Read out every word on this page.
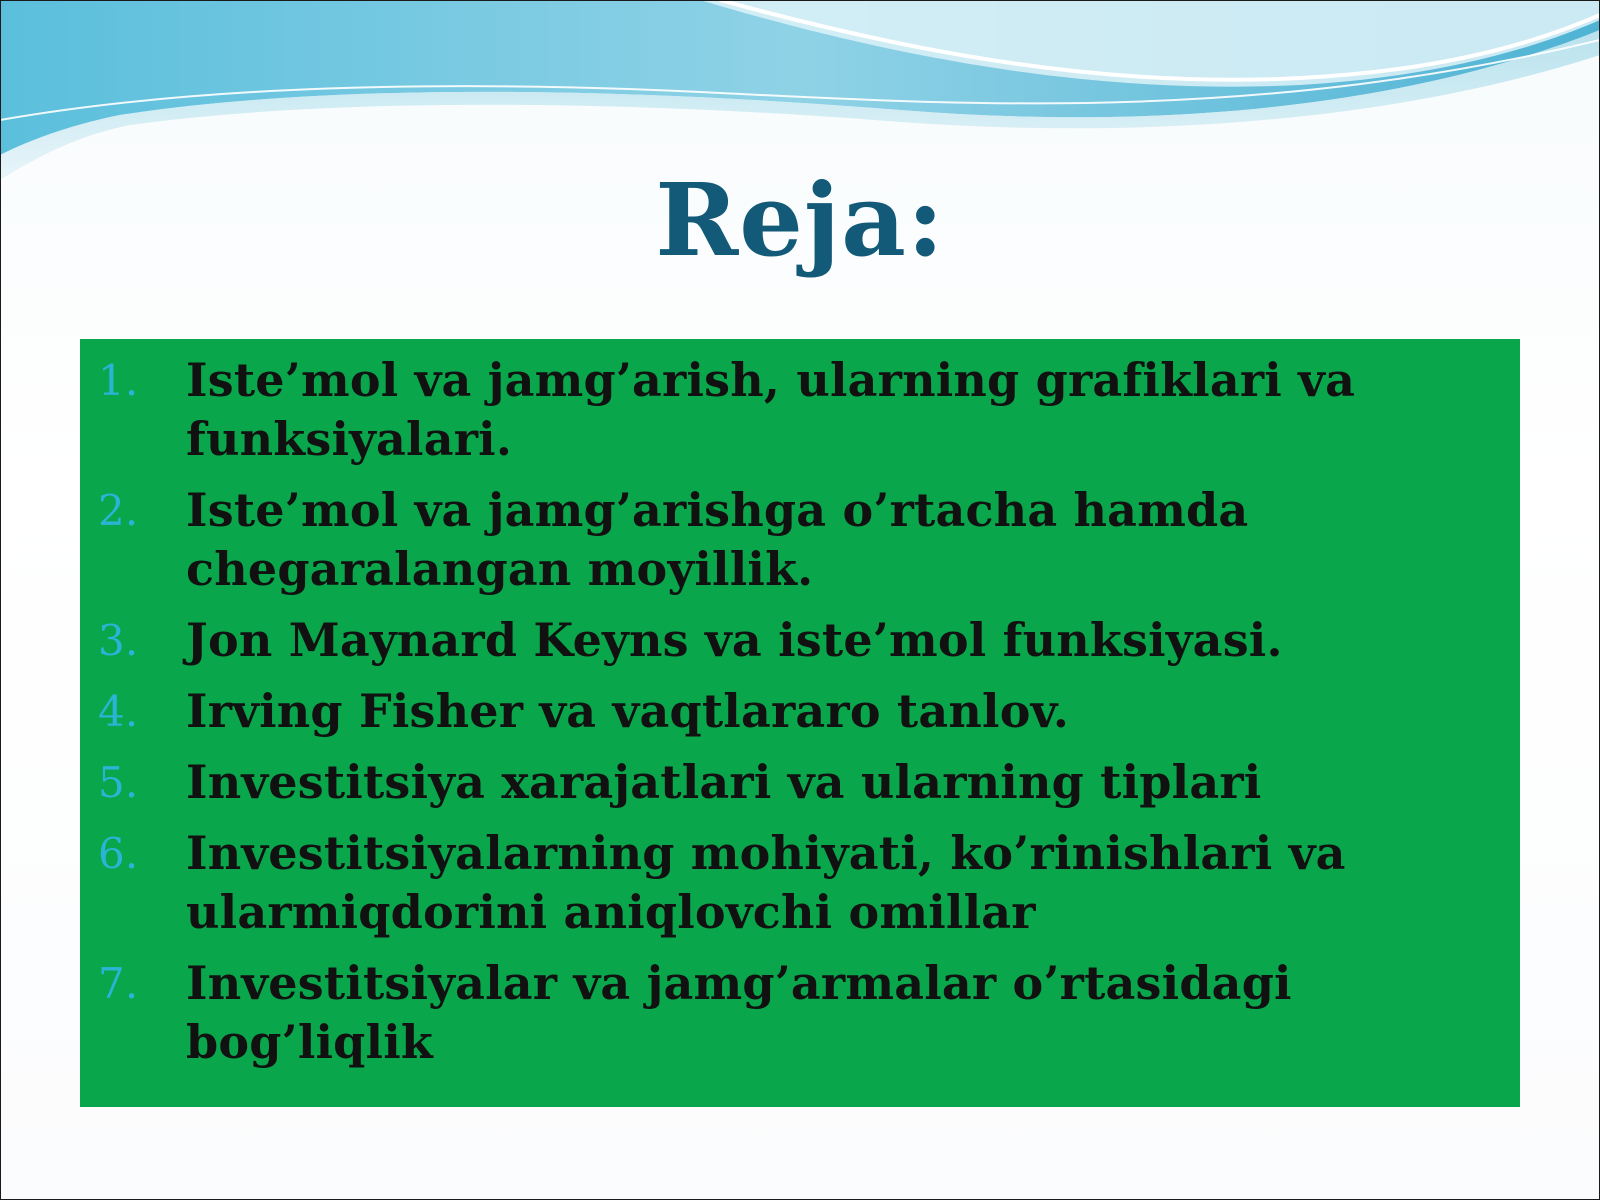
Reja:
1.	Iste’mol va jamg’arish, ularning grafiklari va funksiyalari.
2.	Iste’mol va jamg’arishga o’rtacha hamda chegaralangan moyillik.
3.	Jon Maynard Keyns va iste’mol funksiyasi.
4.	Irving Fisher va vaqtlararo tanlov.
5.	Investitsiya xarajatlari va ularning tiplari
6.	Investitsiyalarning mohiyati, ko’rinishlari va ularmiqdorini aniqlovchi omillar
7.	Investitsiyalar va jamg’armalar o’rtasidagi bog’liqlik
